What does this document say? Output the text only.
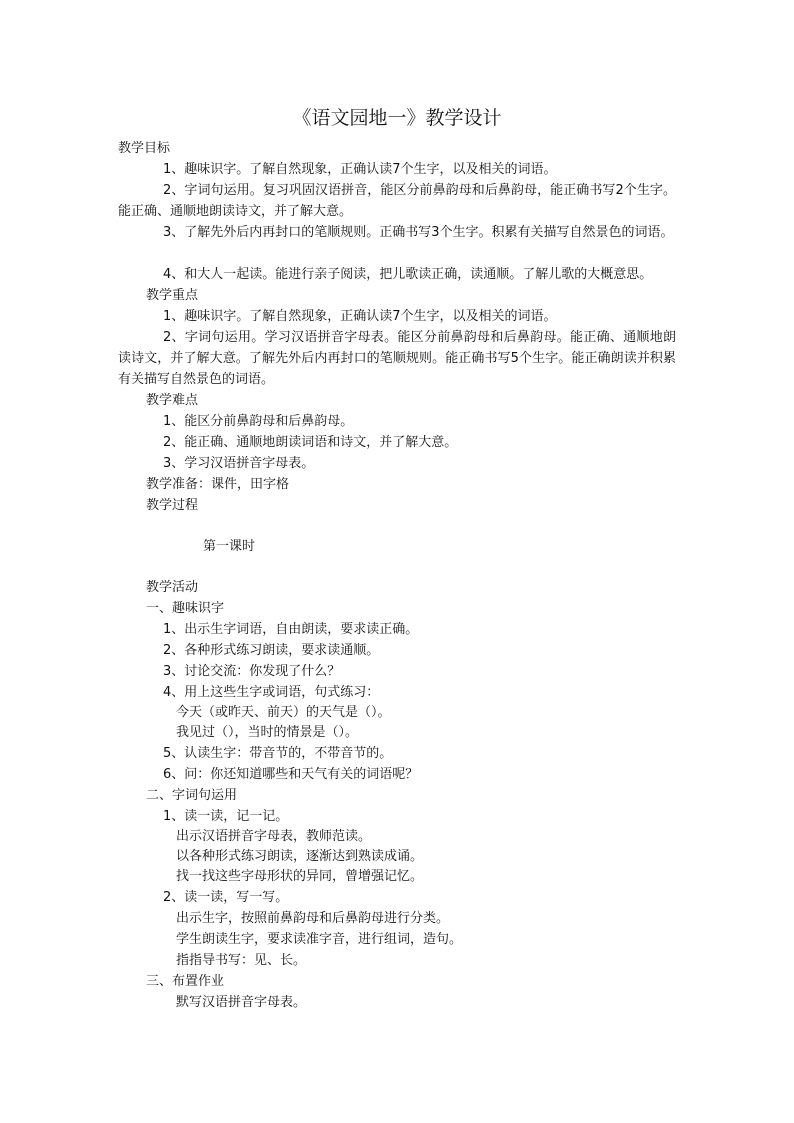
《语文园地一》教学设计
教学目标
1、趣味识字。了解自然现象，正确认读7个生字，以及相关的词语。
2、字词句运用。复习巩固汉语拼音，能区分前鼻韵母和后鼻韵母，能正确书写2个生字。能正确、通顺地朗读诗文，并了解大意。
3、了解先外后内再封口的笔顺规则。正确书写3个生字。积累有关描写自然景色的词语。
4、和大人一起读。能进行亲子阅读，把儿歌读正确，读通顺。了解儿歌的大概意思。
教学重点
1、趣味识字。了解自然现象，正确认读7个生字，以及相关的词语。
2、字词句运用。学习汉语拼音字母表。能区分前鼻韵母和后鼻韵母。能正确、通顺地朗读诗文，并了解大意。了解先外后内再封口的笔顺规则。能正确书写5个生字。能正确朗读并积累有关描写自然景色的词语。
教学难点
1、能区分前鼻韵母和后鼻韵母。
2、能正确、通顺地朗读词语和诗文，并了解大意。
3、学习汉语拼音字母表。
教学准备：课件，田字格
教学过程
第一课时
教学活动
一、趣味识字
1、出示生字词语，自由朗读，要求读正确。
2、各种形式练习朗读，要求读通顺。
3、讨论交流：你发现了什么？
4、用上这些生字或词语，句式练习：
今天（或昨天、前天）的天气是（）。
我见过（），当时的情景是（）。
5、认读生字：带音节的，不带音节的。
6、问：你还知道哪些和天气有关的词语呢？
二、字词句运用
1、读一读，记一记。
出示汉语拼音字母表，教师范读。
以各种形式练习朗读，逐渐达到熟读成诵。
找一找这些字母形状的异同，曾增强记忆。
2、读一读，写一写。
出示生字，按照前鼻韵母和后鼻韵母进行分类。
学生朗读生字，要求读准字音，进行组词，造句。
指指导书写：见、长。
三、布置作业
默写汉语拼音字母表。
